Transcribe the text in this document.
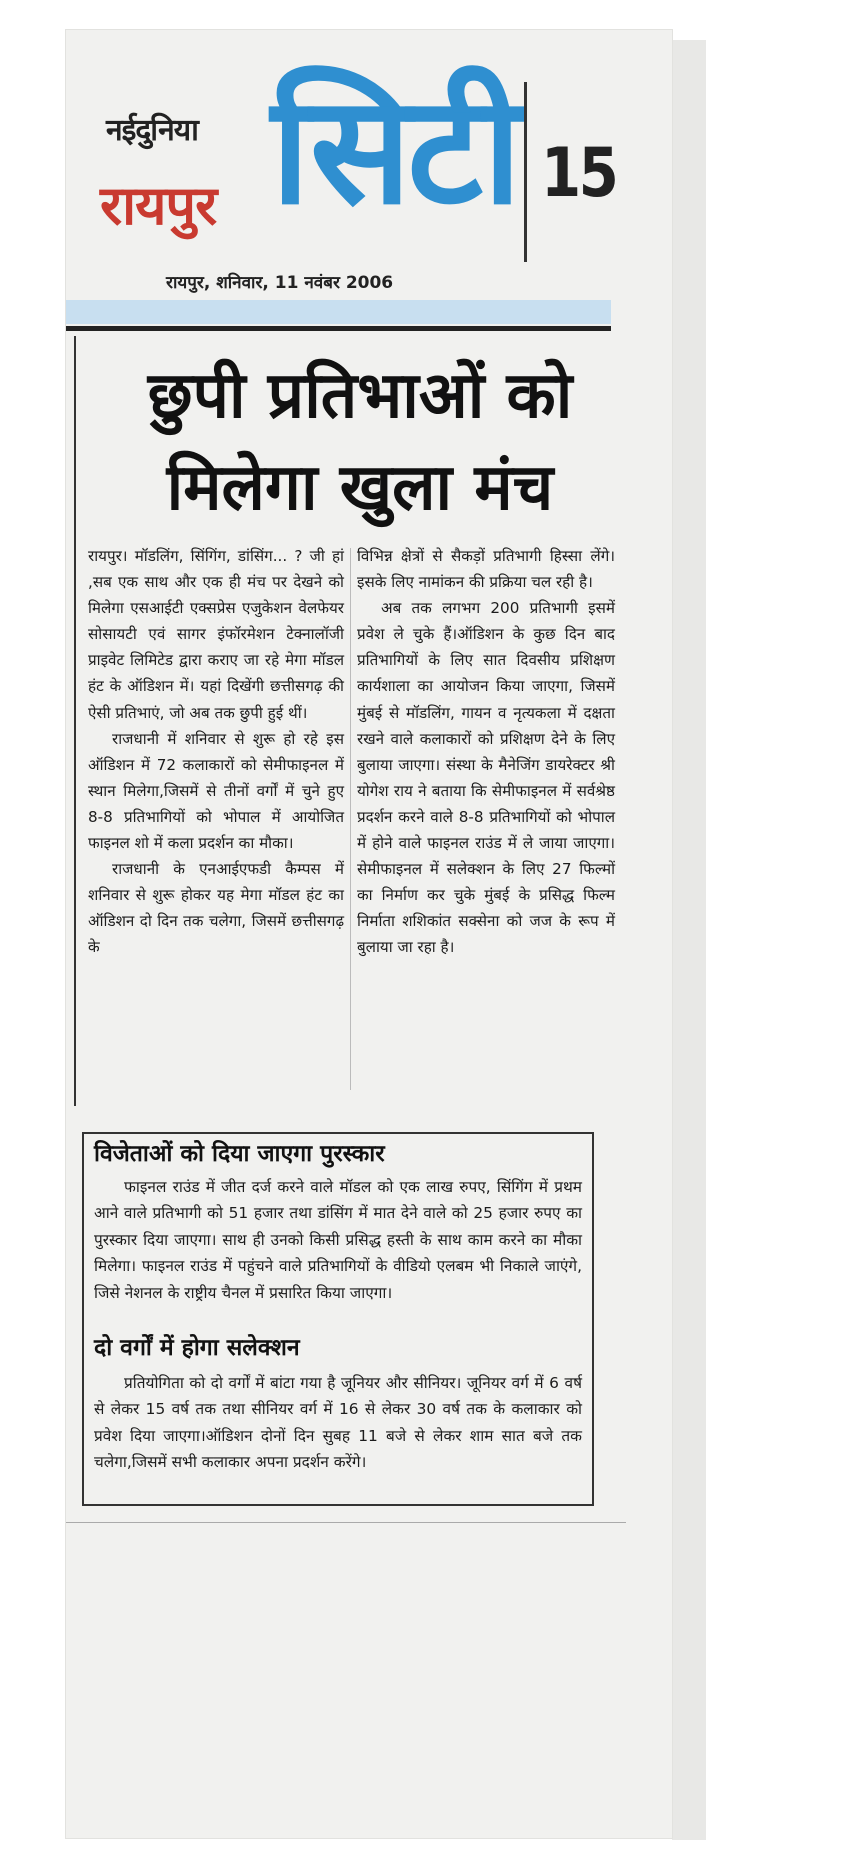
नईदुनिया
रायपुर सिटी 15
रायपुर, शनिवार, 11 नवंबर 2006
छुपी प्रतिभाओं को
मिलेगा खुला मंच

रायपुर। मॉडलिंग, सिंगिंग, डांसिंग... ? जी हां ,सब एक साथ और एक ही मंच पर देखने को मिलेगा एसआईटी एक्सप्रेस एजुकेशन वेलफेयर सोसायटी एवं सागर इंफॉरमेशन टेक्नालॉजी प्राइवेट लिमिटेड द्वारा कराए जा रहे मेगा मॉडल हंट के ऑडिशन में। यहां दिखेंगी छत्तीसगढ़ की ऐसी प्रतिभाएं, जो अब तक छुपी हुई थीं।

राजधानी में शनिवार से शुरू हो रहे इस ऑडिशन में 72 कलाकारों को सेमीफाइनल में स्थान मिलेगा,जिसमें से तीनों वर्गों में चुने हुए 8-8 प्रतिभागियों को भोपाल में आयोजित फाइनल शो में कला प्रदर्शन का मौका।

राजधानी के एनआईएफडी कैम्पस में शनिवार से शुरू होकर यह मेगा मॉडल हंट का ऑडिशन दो दिन तक चलेगा, जिसमें छत्तीसगढ़ के

विभिन्न क्षेत्रों से सैकड़ों प्रतिभागी हिस्सा लेंगे। इसके लिए नामांकन की प्रक्रिया चल रही है।

अब तक लगभग 200 प्रतिभागी इसमें प्रवेश ले चुके हैं।ऑडिशन के कुछ दिन बाद प्रतिभागियों के लिए सात दिवसीय प्रशिक्षण कार्यशाला का आयोजन किया जाएगा, जिसमें मुंबई से मॉडलिंग, गायन व नृत्यकला में दक्षता रखने वाले कलाकारों को प्रशिक्षण देने के लिए बुलाया जाएगा। संस्था के मैनेजिंग डायरेक्टर श्री योगेश राय ने बताया कि सेमीफाइनल में सर्वश्रेष्ठ प्रदर्शन करने वाले 8-8 प्रतिभागियों को भोपाल में होने वाले फाइनल राउंड में ले जाया जाएगा। सेमीफाइनल में सलेक्शन के लिए 27 फिल्मों का निर्माण कर चुके मुंबई के प्रसिद्ध फिल्म निर्माता शशिकांत सक्सेना को जज के रूप में बुलाया जा रहा है।

विजेताओं को दिया जाएगा पुरस्कार

फाइनल राउंड में जीत दर्ज करने वाले मॉडल को एक लाख रुपए, सिंगिंग में प्रथम आने वाले प्रतिभागी को 51 हजार तथा डांसिंग में मात देने वाले को 25 हजार रुपए का पुरस्कार दिया जाएगा। साथ ही उनको किसी प्रसिद्ध हस्ती के साथ काम करने का मौका मिलेगा। फाइनल राउंड में पहुंचने वाले प्रतिभागियों के वीडियो एलबम भी निकाले जाएंगे, जिसे नेशनल के राष्ट्रीय चैनल में प्रसारित किया जाएगा।

दो वर्गों में होगा सलेक्शन

प्रतियोगिता को दो वर्गों में बांटा गया है जूनियर और सीनियर। जूनियर वर्ग में 6 वर्ष से लेकर 15 वर्ष तक तथा सीनियर वर्ग में 16 से लेकर 30 वर्ष तक के कलाकार को प्रवेश दिया जाएगा।ऑडिशन दोनों दिन सुबह 11 बजे से लेकर शाम सात बजे तक चलेगा,जिसमें सभी कलाकार अपना प्रदर्शन करेंगे।
